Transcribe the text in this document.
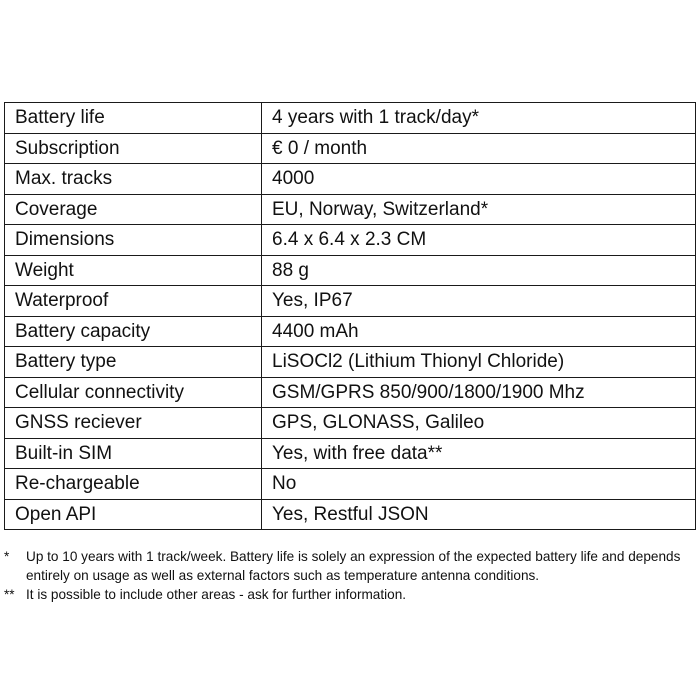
Battery life	4 years with 1 track/day*
Subscription	€ 0 / month
Max. tracks	4000
Coverage	EU, Norway, Switzerland*
Dimensions	6.4 x 6.4 x 2.3 CM
Weight	88 g
Waterproof	Yes, IP67
Battery capacity	4400 mAh
Battery type	LiSOCl2 (Lithium Thionyl Chloride)
Cellular connectivity	GSM/GPRS 850/900/1800/1900 Mhz
GNSS reciever	GPS, GLONASS, Galileo
Built-in SIM	Yes, with free data**
Re-chargeable	No
Open API	Yes, Restful JSON
*	Up to 10 years with 1 track/week. Battery life is solely an expression of the expected battery life and depends entirely on usage as well as external factors such as temperature antenna conditions.
** It is possible to include other areas - ask for further information.
